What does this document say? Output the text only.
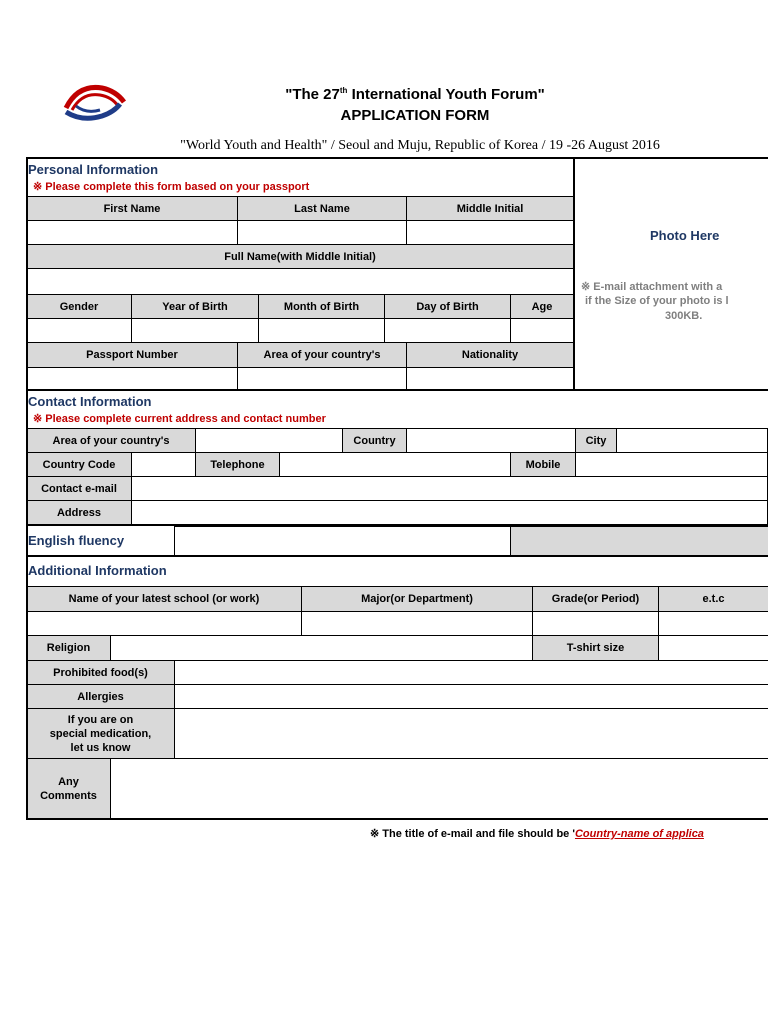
"The 27th International Youth Forum"
APPLICATION FORM
"World Youth and Health" / Seoul and Muju, Republic of Korea / 19 -26 August 2016
Personal Information
※ Please complete this form based on your passport
First Name	Last Name	Middle Initial
Full Name(with Middle Initial)
Gender	Year of Birth	Month of Birth	Day of Birth	Age
Passport Number	Area of your country's	Nationality
Photo Here
※ E-mail attachment with a
if the Size of your photo is l
300KB.
Contact Information
※ Please complete current address and contact number
Area of your country's	Country	City
Country Code	Telephone	Mobile
Contact e-mail
Address
English fluency
Additional Information
Name of your latest school (or work)	Major(or Department)	Grade(or Period)	e.t.c
Religion	T-shirt size
Prohibited food(s)
Allergies
If you are on
special medication,
let us know
Any
Comments
※ The title of e-mail and file should be 'Country-name of applica
